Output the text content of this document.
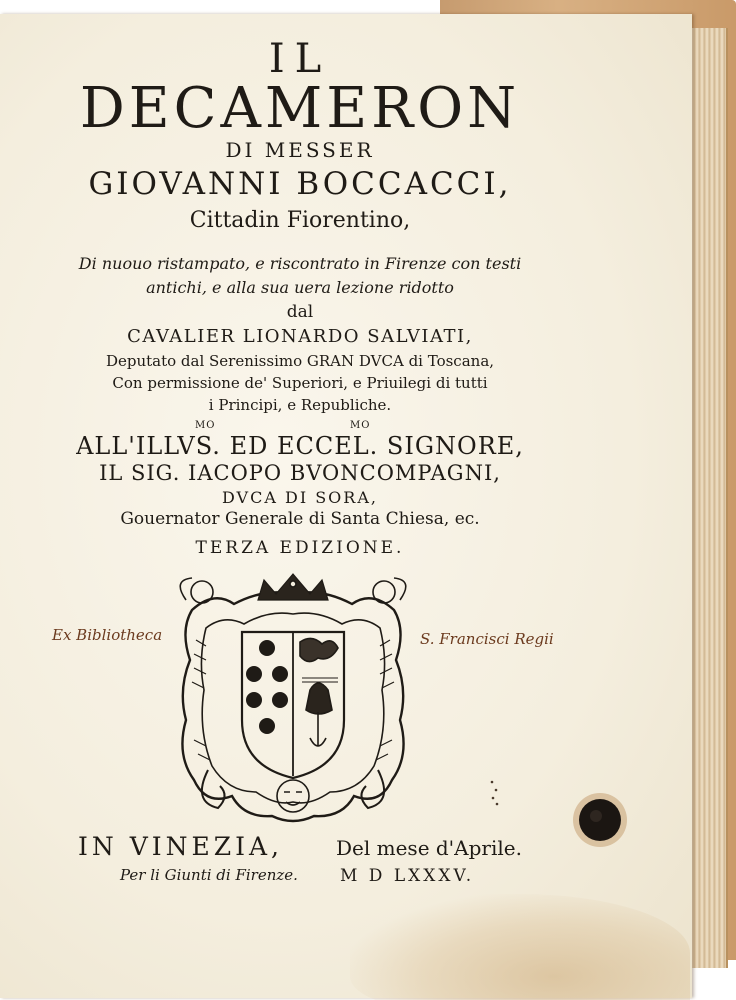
IL
DECAMERON
DI MESSER
GIOVANNI BOCCACCI,
Cittadin Fiorentino,
Di nuouo ristampato, e riscontrato in Firenze con testi
antichi, e alla sua uera lezione ridotto
dal
CAVALIER LIONARDO SALVIATI,
Deputato dal Serenissimo GRAN DVCA di Toscana,
Con permissione de' Superiori, e Priuilegi di tutti
i Principi, e Republiche.
MO	MO
ALL'ILLVS. ED ECCEL. SIGNORE,
IL SIG. IACOPO BVONCOMPAGNI,
DVCA DI SORA,
Gouernator Generale di Santa Chiesa, ec.
TERZA EDIZIONE.
Ex Bibliotheca	S. Francisci Regii
IN VINEZIA,	Del mese d'Aprile.
Per li Giunti di Firenze. M D LXXXV.
